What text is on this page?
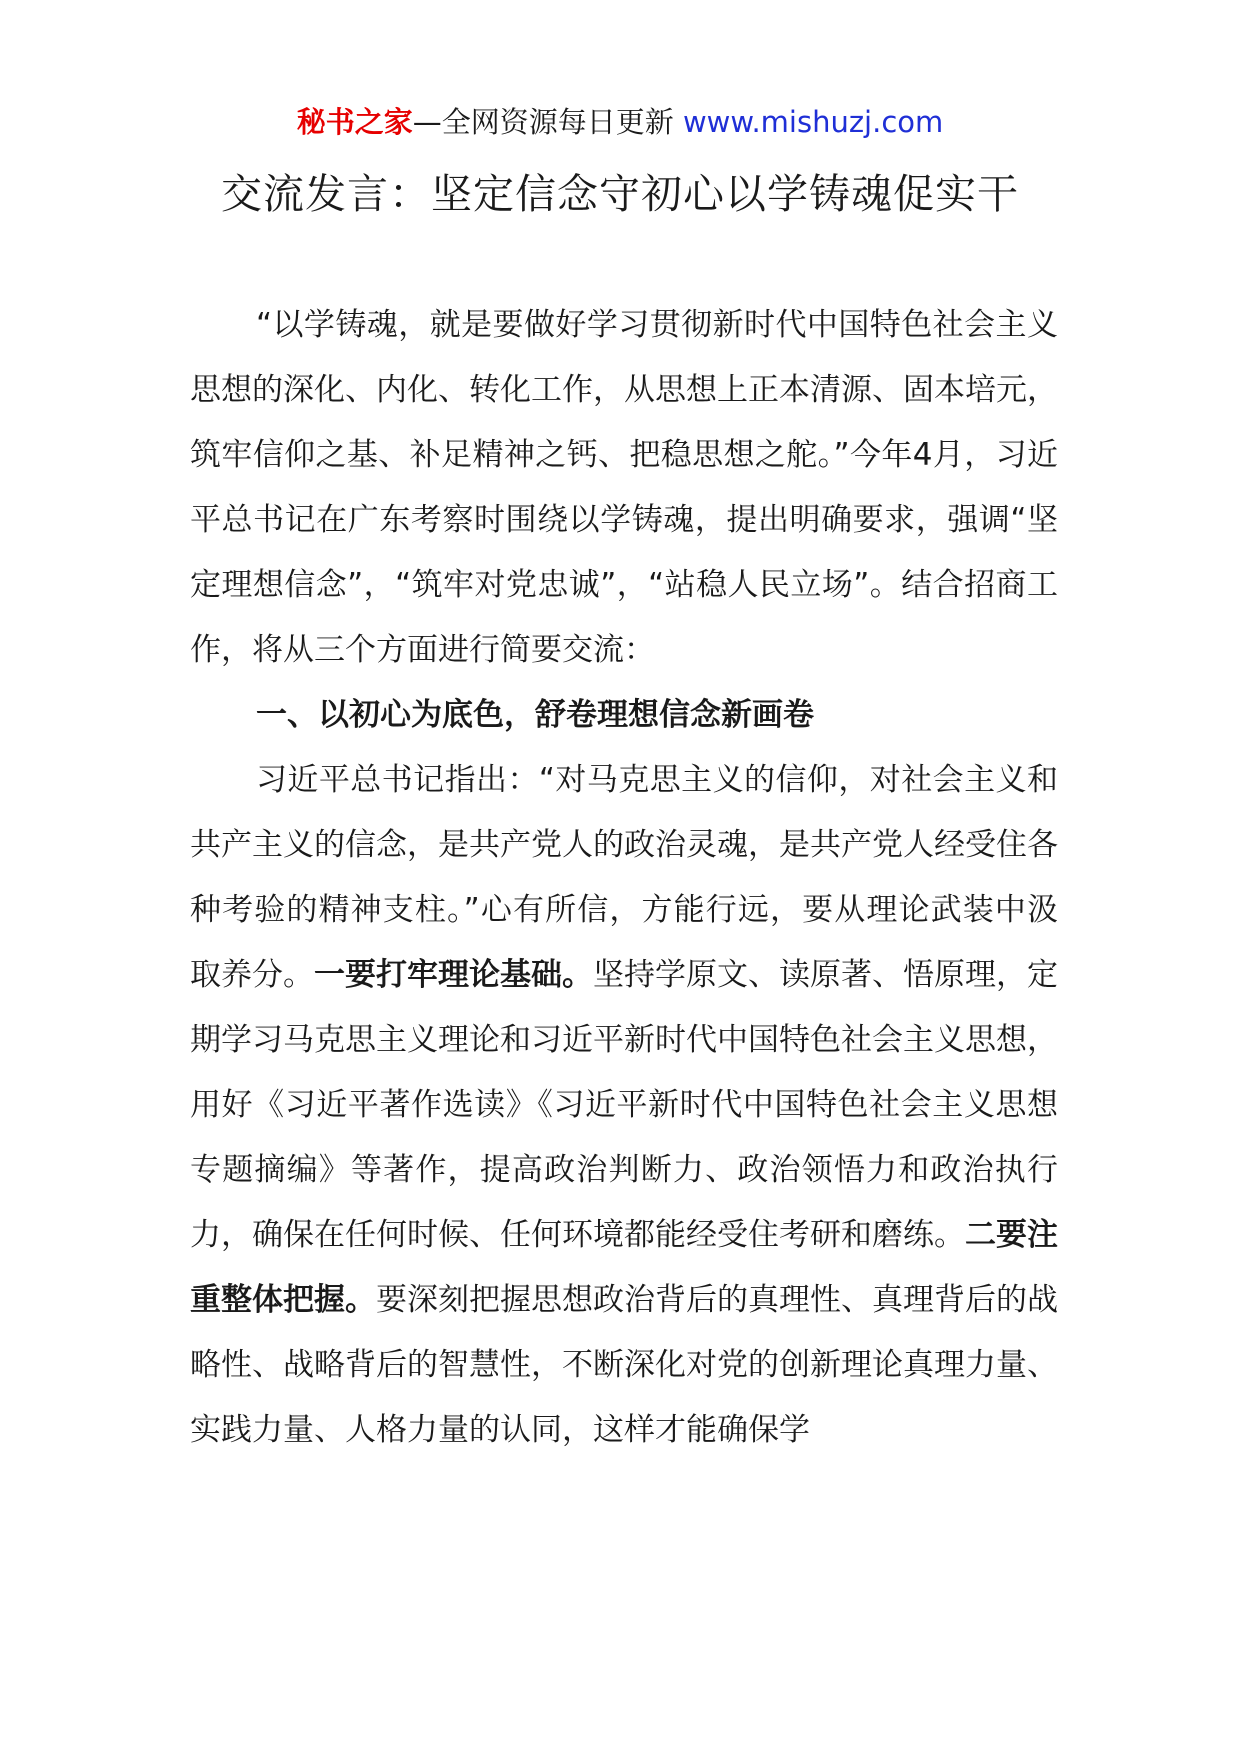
秘书之家—全网资源每日更新 www.mishuzj.com
交流发言：坚定信念守初心以学铸魂促实干

“以学铸魂，就是要做好学习贯彻新时代中国特色社会主义思想的深化、内化、转化工作，从思想上正本清源、固本培元，筑牢信仰之基、补足精神之钙、把稳思想之舵。”今年4月，习近平总书记在广东考察时围绕以学铸魂，提出明确要求，强调“坚定理想信念”，“筑牢对党忠诚”，“站稳人民立场”。结合招商工作，将从三个方面进行简要交流：

一、以初心为底色，舒卷理想信念新画卷

习近平总书记指出：“对马克思主义的信仰，对社会主义和共产主义的信念，是共产党人的政治灵魂，是共产党人经受住各种考验的精神支柱。”心有所信，方能行远，要从理论武装中汲取养分。一要打牢理论基础。坚持学原文、读原著、悟原理，定期学习马克思主义理论和习近平新时代中国特色社会主义思想，用好《习近平著作选读》《习近平新时代中国特色社会主义思想专题摘编》等著作，提高政治判断力、政治领悟力和政治执行力，确保在任何时候、任何环境都能经受住考研和磨练。二要注重整体把握。要深刻把握思想政治背后的真理性、真理背后的战略性、战略背后的智慧性，不断深化对党的创新理论真理力量、实践力量、人格力量的认同，这样才能确保学
